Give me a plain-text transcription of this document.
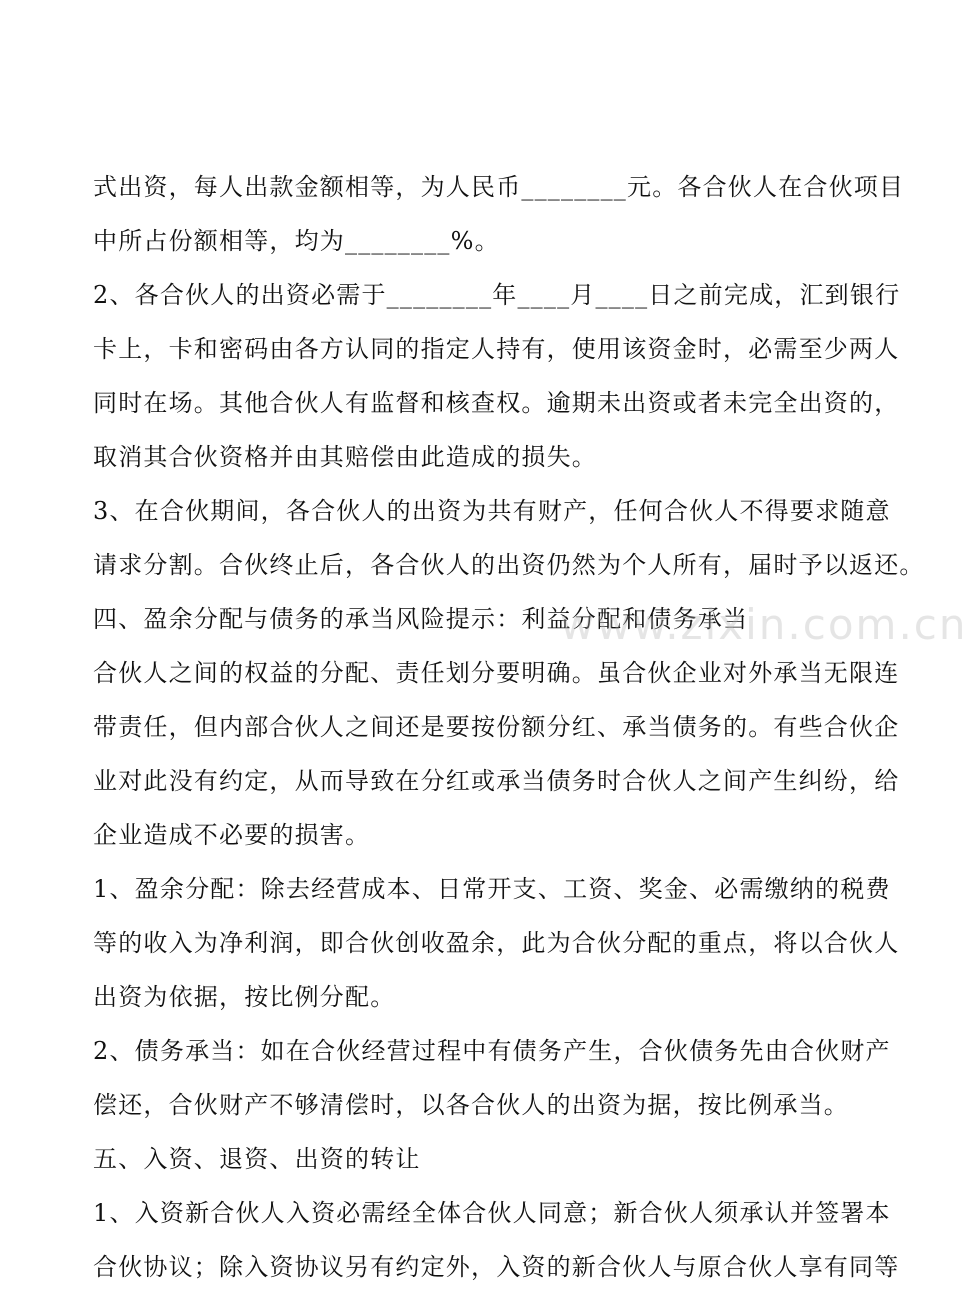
式出资，每人出款金额相等，为人民币________元。各合伙人在合伙项目
中所占份额相等，均为________%。
2、各合伙人的出资必需于________年____月____日之前完成，汇到银行
卡上，卡和密码由各方认同的指定人持有，使用该资金时，必需至少两人
同时在场。其他合伙人有监督和核查权。逾期未出资或者未完全出资的，
取消其合伙资格并由其赔偿由此造成的损失。
3、在合伙期间，各合伙人的出资为共有财产，任何合伙人不得要求随意
请求分割。合伙终止后，各合伙人的出资仍然为个人所有，届时予以返还。
四、盈余分配与债务的承当风险提示：利益分配和债务承当
合伙人之间的权益的分配、责任划分要明确。虽合伙企业对外承当无限连
带责任，但内部合伙人之间还是要按份额分红、承当债务的。有些合伙企
业对此没有约定，从而导致在分红或承当债务时合伙人之间产生纠纷，给
企业造成不必要的损害。
1、盈余分配：除去经营成本、日常开支、工资、奖金、必需缴纳的税费
等的收入为净利润，即合伙创收盈余，此为合伙分配的重点，将以合伙人
出资为依据，按比例分配。
2、债务承当：如在合伙经营过程中有债务产生，合伙债务先由合伙财产
偿还，合伙财产不够清偿时，以各合伙人的出资为据，按比例承当。
五、入资、退资、出资的转让
1、入资新合伙人入资必需经全体合伙人同意；新合伙人须承认并签署本
合伙协议；除入资协议另有约定外，入资的新合伙人与原合伙人享有同等
www.zixin.com.cn
